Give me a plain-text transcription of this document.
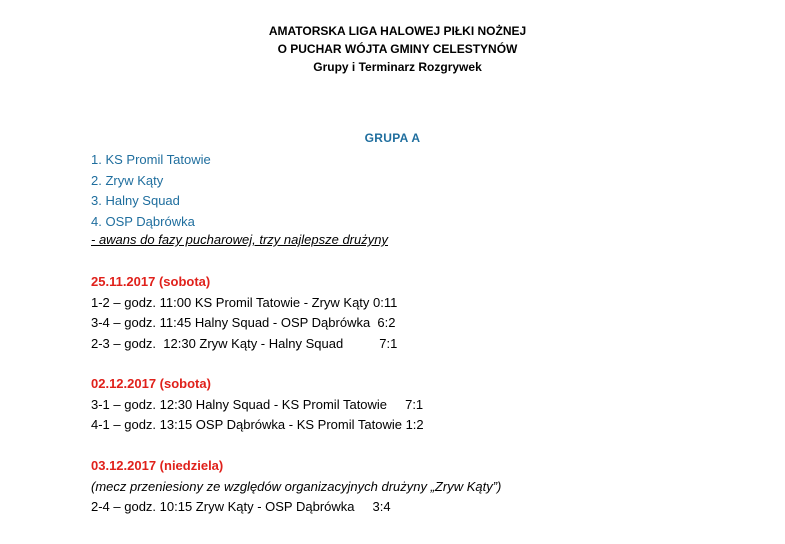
AMATORSKA LIGA HALOWEJ PIŁKI NOŻNEJ
O PUCHAR WÓJTA GMINY CELESTYNÓW
Grupy i Terminarz Rozgrywek
GRUPA A
1. KS Promil Tatowie
2. Zryw Kąty
3. Halny Squad
4. OSP Dąbrówka
- awans do fazy pucharowej, trzy najlepsze drużyny
25.11.2017 (sobota)
1-2 – godz. 11:00 KS Promil Tatowie - Zryw Kąty 0:11
3-4 – godz. 11:45 Halny Squad - OSP Dąbrówka  6:2
2-3 – godz.  12:30 Zryw Kąty - Halny Squad          7:1
02.12.2017 (sobota)
3-1 – godz. 12:30 Halny Squad - KS Promil Tatowie     7:1
4-1 – godz. 13:15 OSP Dąbrówka - KS Promil Tatowie 1:2
03.12.2017 (niedziela)
(mecz przeniesiony ze względów organizacyjnych drużyny „Zryw Kąty”)
2-4 – godz. 10:15 Zryw Kąty - OSP Dąbrówka     3:4
